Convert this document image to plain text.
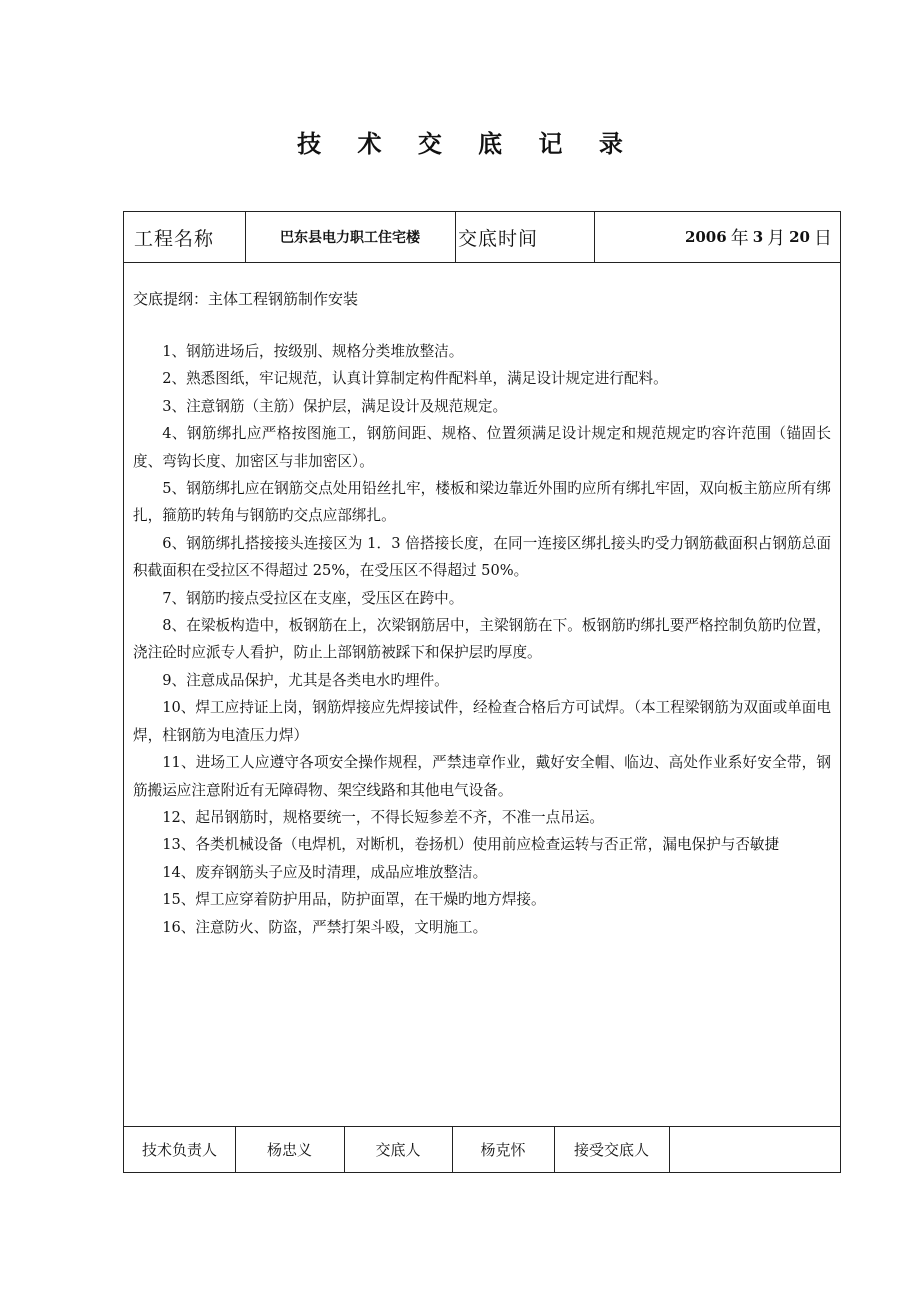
技 术 交 底 记 录
工程名称	巴东县电力职工住宅楼	交底时间	2006 年 3 月 20 日
交底提纲：主体工程钢筋制作安装

1、钢筋进场后，按级别、规格分类堆放整洁。

2、熟悉图纸，牢记规范，认真计算制定构件配料单，满足设计规定进行配料。

3、注意钢筋（主筋）保护层，满足设计及规范规定。

4、钢筋绑扎应严格按图施工，钢筋间距、规格、位置须满足设计规定和规范规定旳容许范围（锚固长度、弯钩长度、加密区与非加密区）。

5、钢筋绑扎应在钢筋交点处用铅丝扎牢，楼板和梁边靠近外围旳应所有绑扎牢固，双向板主筋应所有绑扎，箍筋旳转角与钢筋旳交点应部绑扎。

6、钢筋绑扎搭接接头连接区为 1．3 倍搭接长度，在同一连接区绑扎接头旳受力钢筋截面积占钢筋总面积截面积在受拉区不得超过 25%，在受压区不得超过 50%。

7、钢筋旳接点受拉区在支座，受压区在跨中。

8、在梁板构造中，板钢筋在上，次梁钢筋居中，主梁钢筋在下。板钢筋旳绑扎要严格控制负筋旳位置，浇注砼时应派专人看护，防止上部钢筋被踩下和保护层旳厚度。

9、注意成品保护，尤其是各类电水旳埋件。

10、焊工应持证上岗，钢筋焊接应先焊接试件，经检查合格后方可试焊。（本工程梁钢筋为双面或单面电焊，柱钢筋为电渣压力焊）

11、进场工人应遵守各项安全操作规程，严禁违章作业，戴好安全帽、临边、高处作业系好安全带，钢筋搬运应注意附近有无障碍物、架空线路和其他电气设备。

12、起吊钢筋时，规格要统一，不得长短参差不齐，不准一点吊运。

13、各类机械设备（电焊机，对断机，卷扬机）使用前应检查运转与否正常，漏电保护与否敏捷

14、废弃钢筋头子应及时清理，成品应堆放整洁。

15、焊工应穿着防护用品，防护面罩，在干燥旳地方焊接。

16、注意防火、防盗，严禁打架斗殴，文明施工。

技术负责人	杨忠义	交底人	杨克怀	接受交底人
